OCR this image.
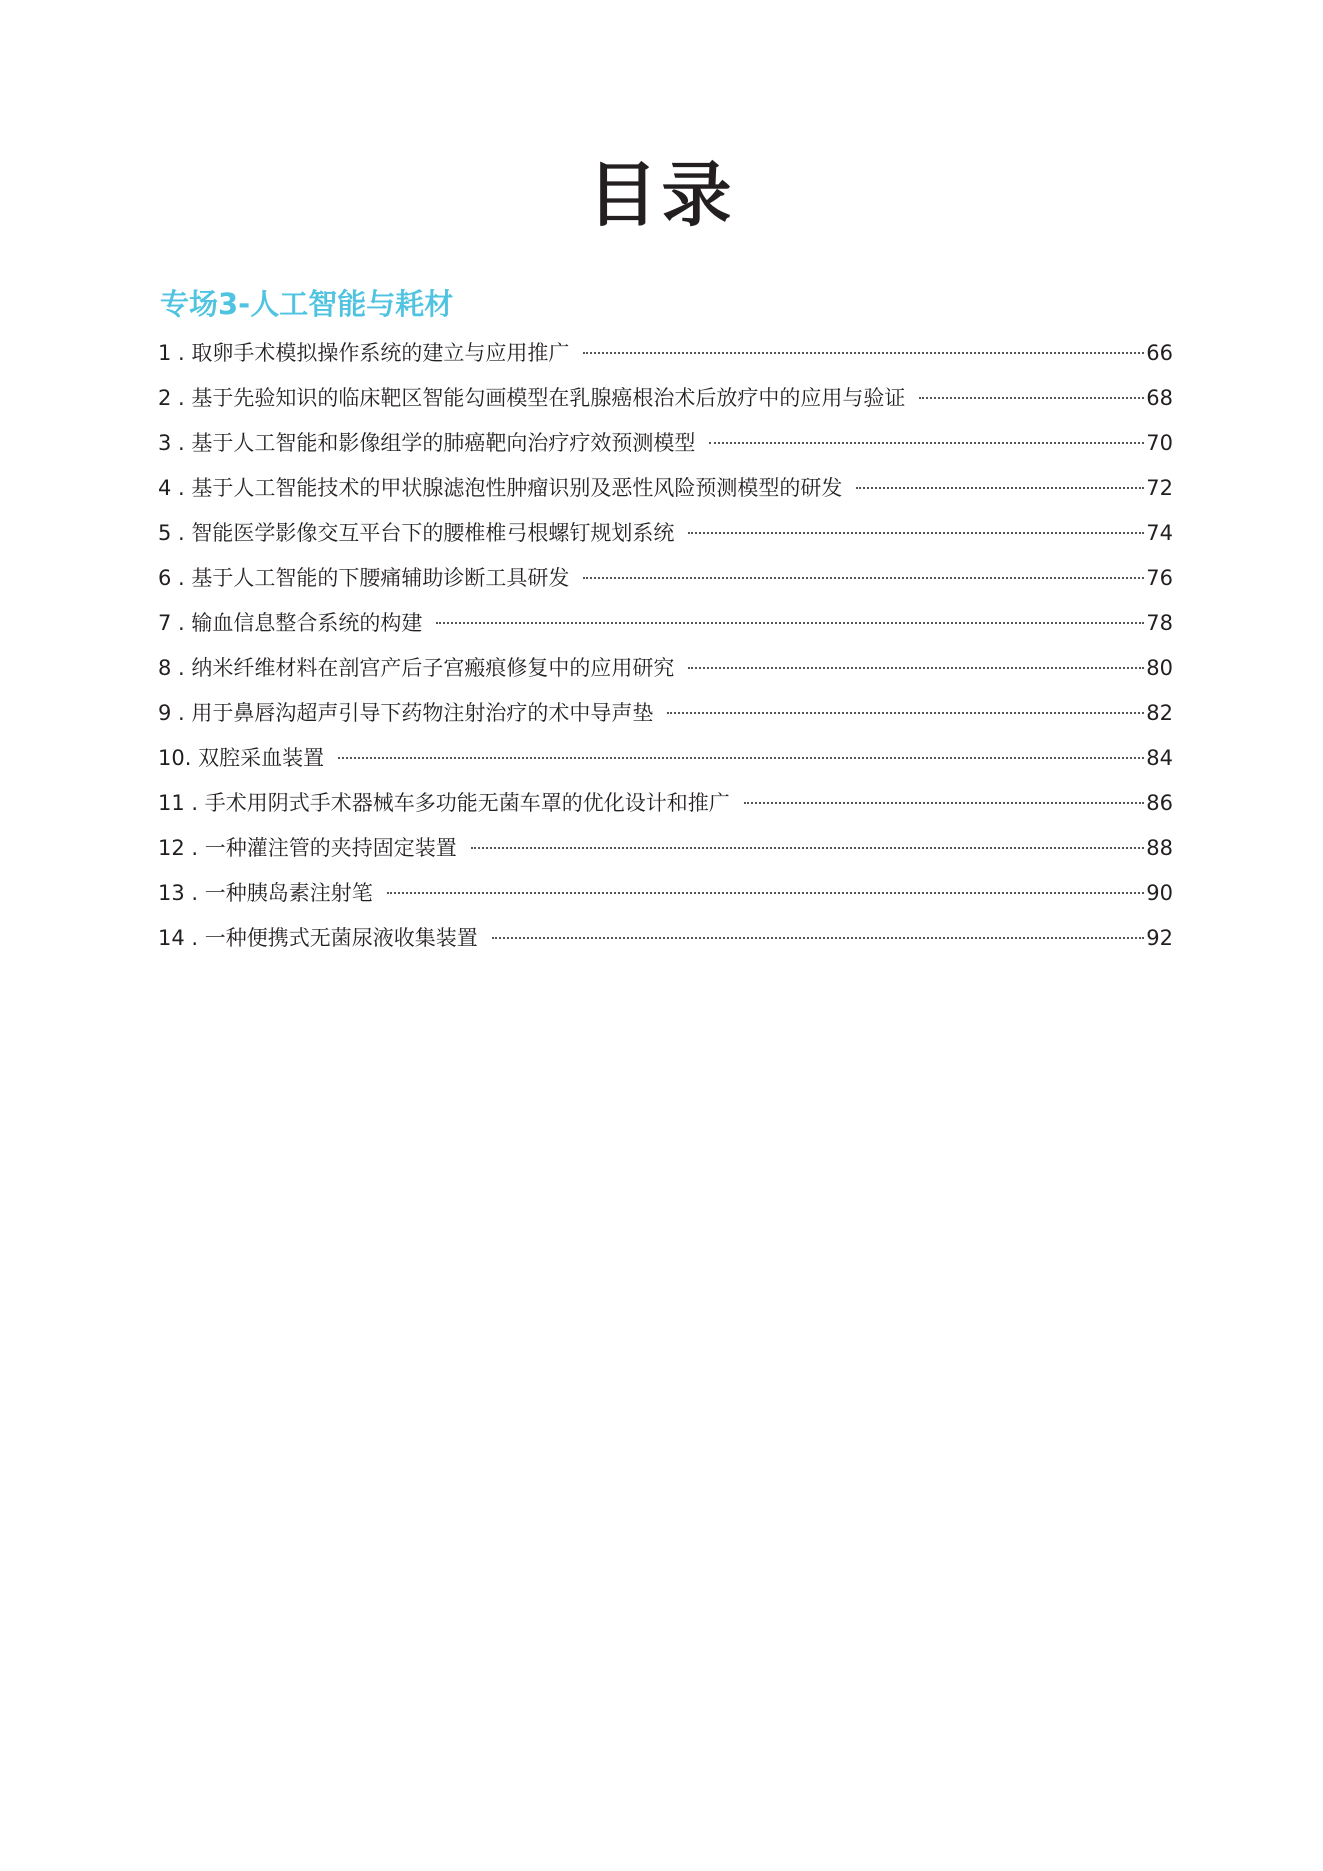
目录
专场3-人工智能与耗材
1 . 取卵手术模拟操作系统的建立与应用推广	66
2 . 基于先验知识的临床靶区智能勾画模型在乳腺癌根治术后放疗中的应用与验证	68
3 . 基于人工智能和影像组学的肺癌靶向治疗疗效预测模型	70
4 . 基于人工智能技术的甲状腺滤泡性肿瘤识别及恶性风险预测模型的研发	72
5 . 智能医学影像交互平台下的腰椎椎弓根螺钉规划系统	74
6 . 基于人工智能的下腰痛辅助诊断工具研发	76
7 . 输血信息整合系统的构建	78
8 . 纳米纤维材料在剖宫产后子宫瘢痕修复中的应用研究	80
9 . 用于鼻唇沟超声引导下药物注射治疗的术中导声垫	82
10. 双腔采血装置	84
11 . 手术用阴式手术器械车多功能无菌车罩的优化设计和推广	86
12 . 一种灌注管的夹持固定装置	88
13 . 一种胰岛素注射笔	90
14 . 一种便携式无菌尿液收集装置	92
